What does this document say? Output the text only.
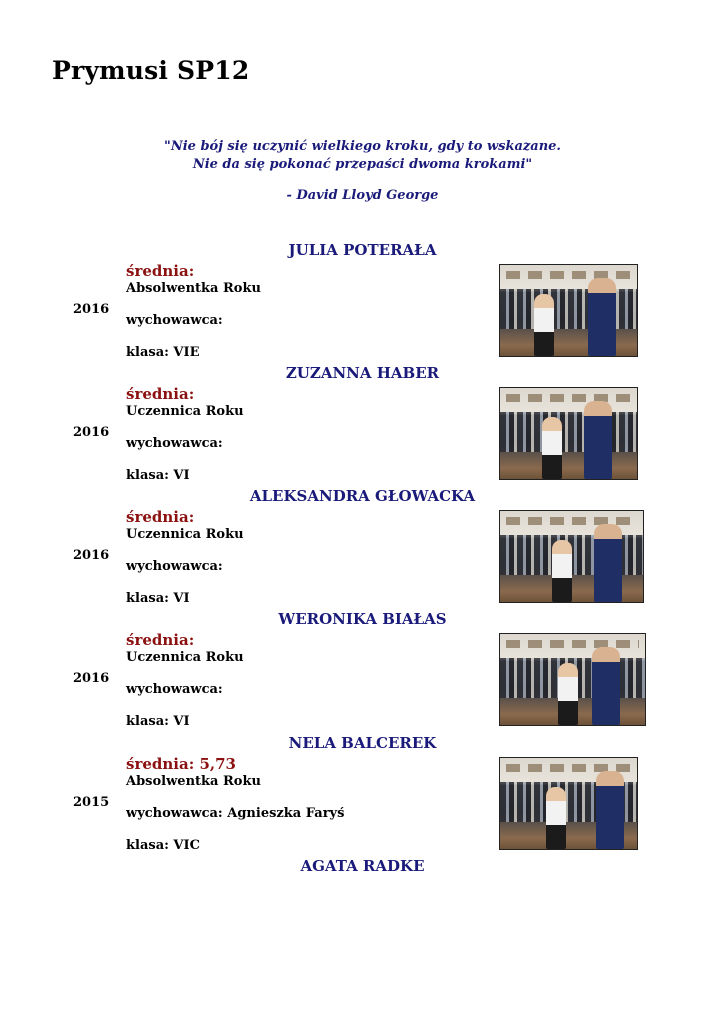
Prymusi SP12
"Nie bój się uczynić wielkiego kroku, gdy to wskazane.
Nie da się pokonać przepaści dwoma krokami"
- David Lloyd George
JULIA POTERAŁA
średnia:
Absolwentka Roku
2016
wychowawca:
klasa: VIE
ZUZANNA HABER
średnia:
Uczennica Roku
2016
wychowawca:
klasa: VI
ALEKSANDRA GŁOWACKA
średnia:
Uczennica Roku
2016
wychowawca:
klasa: VI
WERONIKA BIAŁAS
średnia:
Uczennica Roku
2016
wychowawca:
klasa: VI
NELA BALCEREK
średnia: 5,73
Absolwentka Roku
2015
wychowawca: Agnieszka Faryś
klasa: VIC
AGATA RADKE
